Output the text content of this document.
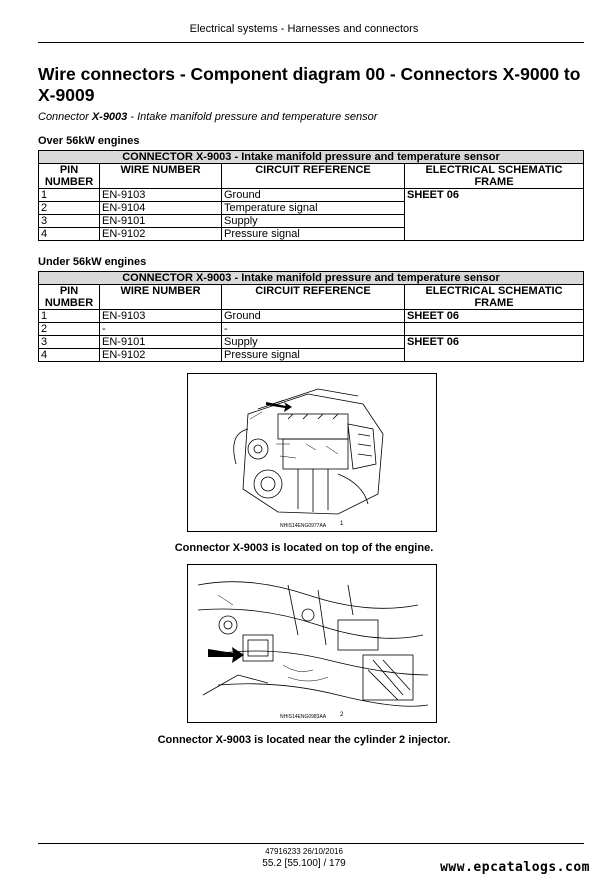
Electrical systems - Harnesses and connectors
Wire connectors - Component diagram 00 - Connectors X-9000 to X-9009
Connector X-9003 - Intake manifold pressure and temperature sensor
Over 56kW engines
CONNECTOR X-9003 - Intake manifold pressure and temperature sensor			
PIN NUMBER	WIRE NUMBER	CIRCUIT REFERENCE	ELECTRICAL SCHEMATIC FRAME
1	EN-9103	Ground	SHEET 06
2	EN-9104	Temperature signal	
3	EN-9101	Supply	
4	EN-9102	Pressure signal	
Under 56kW engines
CONNECTOR X-9003 - Intake manifold pressure and temperature sensor			
PIN NUMBER	WIRE NUMBER	CIRCUIT REFERENCE	ELECTRICAL SCHEMATIC FRAME
1	EN-9103	Ground	SHEET 06
2	-	-	
3	EN-9101	Supply	SHEET 06
4	EN-9102	Pressure signal	
NHIS14ENG0977AA 1
Connector X-9003 is located on top of the engine.
NHIS14ENG0983AA 2
Connector X-9003 is located near the cylinder 2 injector.
47916233 26/10/2016
55.2 [55.100] / 179	www.epcatalogs.com
